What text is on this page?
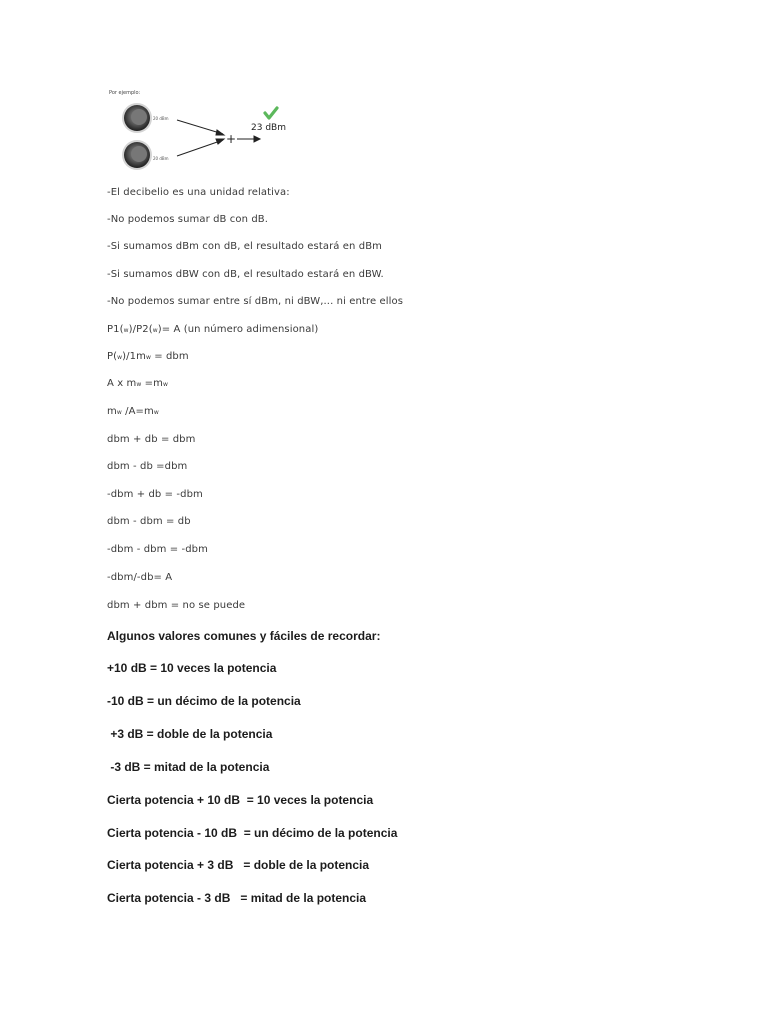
Por ejemplo:
+
20 dBm
20 dBm
23 dBm
-El decibelio es una unidad relativa:
-No podemos sumar dB con dB.
-Si sumamos dBm con dB, el resultado estará en dBm
-Si sumamos dBW con dB, el resultado estará en dBW.
-No podemos sumar entre sí dBm, ni dBW,... ni entre ellos
P1(w)/P2(w)= A (un número adimensional)
P(w)/1mw = dbm
A x mw =mw
mw /A=mw
dbm + db = dbm
dbm - db =dbm
-dbm + db = -dbm
dbm - dbm = db
-dbm - dbm = -dbm
-dbm/-db= A
dbm + dbm = no se puede
Algunos valores comunes y fáciles de recordar:
+10 dB = 10 veces la potencia
-10 dB = un décimo de la potencia
+3 dB = doble de la potencia
-3 dB = mitad de la potencia
Cierta potencia + 10 dB  = 10 veces la potencia
Cierta potencia - 10 dB  = un décimo de la potencia
Cierta potencia + 3 dB   = doble de la potencia
Cierta potencia - 3 dB   = mitad de la potencia
